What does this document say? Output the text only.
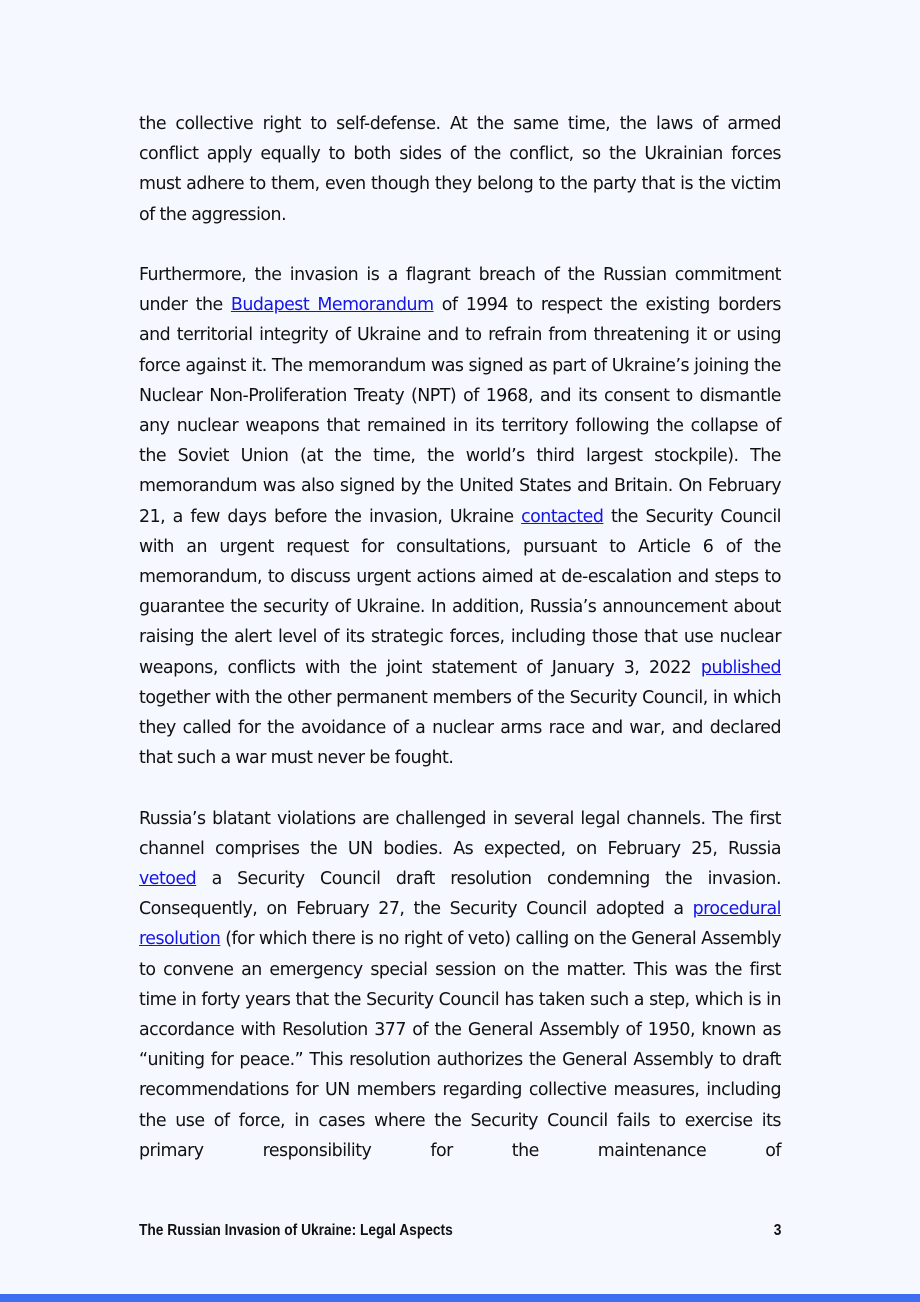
the collective right to self-defense. At the same time, the laws of armed conflict apply equally to both sides of the conflict, so the Ukrainian forces must adhere to them, even though they belong to the party that is the victim of the aggression.

Furthermore, the invasion is a flagrant breach of the Russian commitment under the Budapest Memorandum of 1994 to respect the existing borders and territorial integrity of Ukraine and to refrain from threatening it or using force against it. The memorandum was signed as part of Ukraine’s joining the Nuclear Non-Proliferation Treaty (NPT) of 1968, and its consent to dismantle any nuclear weapons that remained in its territory following the collapse of the Soviet Union (at the time, the world’s third largest stockpile). The memorandum was also signed by the United States and Britain. On February 21, a few days before the invasion, Ukraine contacted the Security Council with an urgent request for consultations, pursuant to Article 6 of the memorandum, to discuss urgent actions aimed at de-escalation and steps to guarantee the security of Ukraine. In addition, Russia’s announcement about raising the alert level of its strategic forces, including those that use nuclear weapons, conflicts with the joint statement of January 3, 2022 published together with the other permanent members of the Security Council, in which they called for the avoidance of a nuclear arms race and war, and declared that such a war must never be fought.

Russia’s blatant violations are challenged in several legal channels. The first channel comprises the UN bodies. As expected, on February 25, Russia vetoed a Security Council draft resolution condemning the invasion. Consequently, on February 27, the Security Council adopted a procedural resolution (for which there is no right of veto) calling on the General Assembly to convene an emergency special session on the matter. This was the first time in forty years that the Security Council has taken such a step, which is in accordance with Resolution 377 of the General Assembly of 1950, known as “uniting for peace.” This resolution authorizes the General Assembly to draft recommendations for UN members regarding collective measures, including the use of force, in cases where the Security Council fails to exercise its primary responsibility for the maintenance of

The Russian Invasion of Ukraine: Legal Aspects	3
